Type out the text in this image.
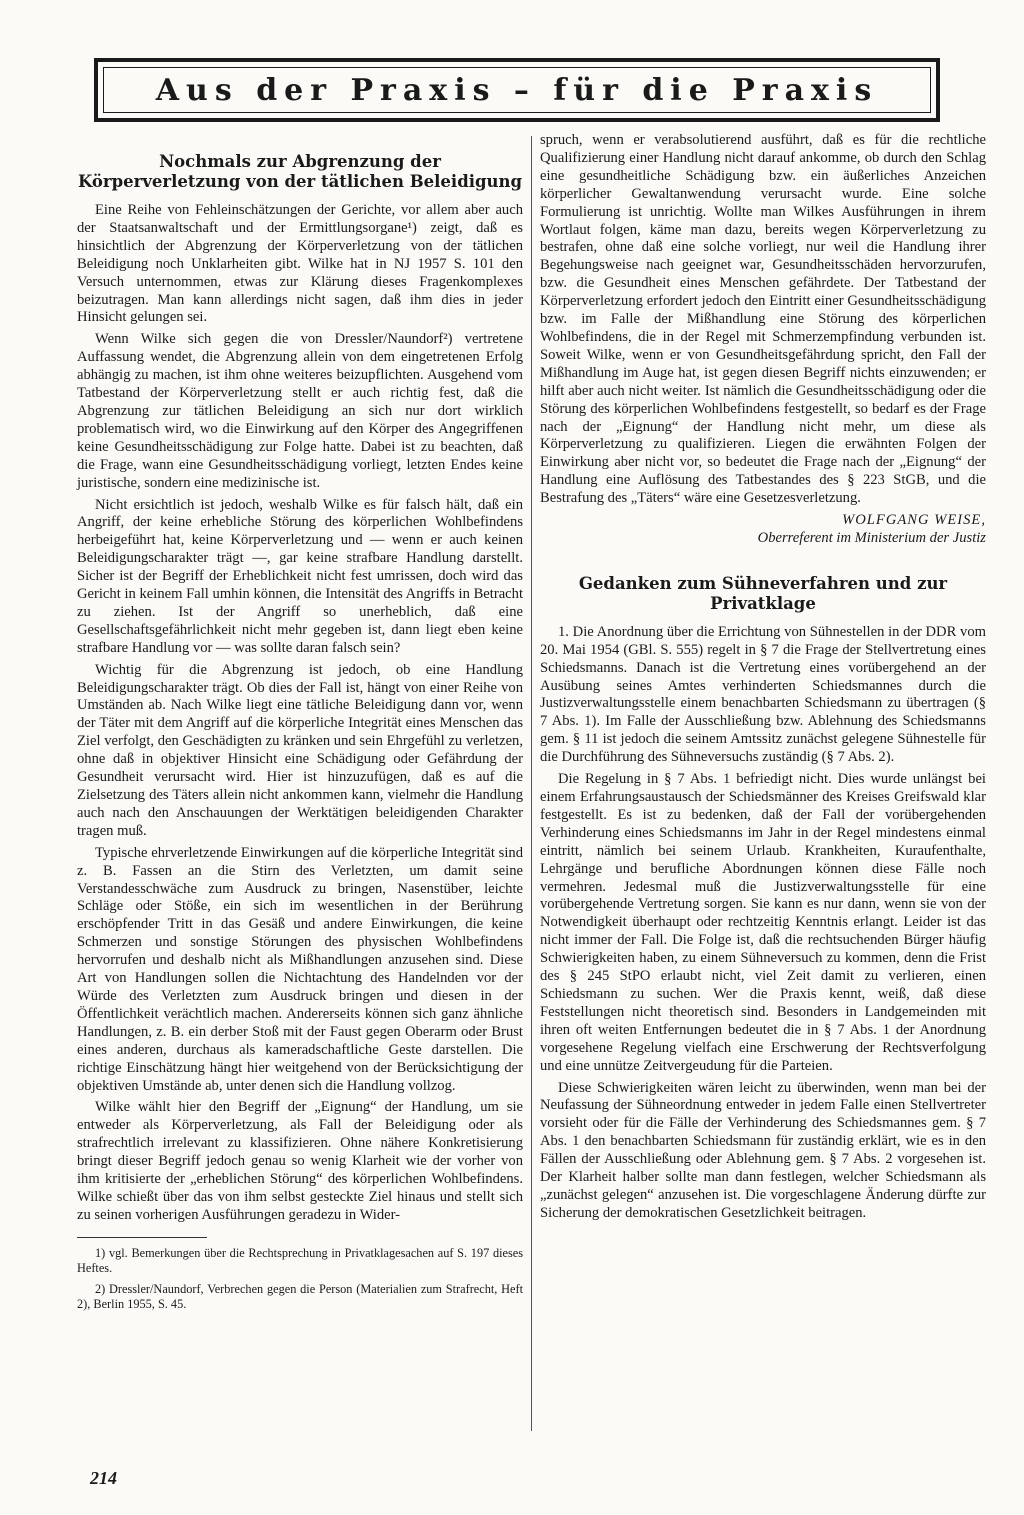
Aus der Praxis – für die Praxis
Nochmals zur Abgrenzung der Körperverletzung von der tätlichen Beleidigung

Eine Reihe von Fehleinschätzungen der Gerichte, vor allem aber auch der Staatsanwaltschaft und der Ermittlungsorgane¹) zeigt, daß es hinsichtlich der Abgrenzung der Körperverletzung von der tätlichen Beleidigung noch Unklarheiten gibt. Wilke hat in NJ 1957 S. 101 den Versuch unternommen, etwas zur Klärung dieses Fragenkomplexes beizutragen. Man kann allerdings nicht sagen, daß ihm dies in jeder Hinsicht gelungen sei.

Wenn Wilke sich gegen die von Dressler/Naundorf²) vertretene Auffassung wendet, die Abgrenzung allein von dem eingetretenen Erfolg abhängig zu machen, ist ihm ohne weiteres beizupflichten. Ausgehend vom Tatbestand der Körperverletzung stellt er auch richtig fest, daß die Abgrenzung zur tätlichen Beleidigung an sich nur dort wirklich problematisch wird, wo die Einwirkung auf den Körper des Angegriffenen keine Gesundheitsschädigung zur Folge hatte. Dabei ist zu beachten, daß die Frage, wann eine Gesundheitsschädigung vorliegt, letzten Endes keine juristische, sondern eine medizinische ist.

Nicht ersichtlich ist jedoch, weshalb Wilke es für falsch hält, daß ein Angriff, der keine erhebliche Störung des körperlichen Wohlbefindens herbeigeführt hat, keine Körperverletzung und — wenn er auch keinen Beleidigungscharakter trägt —, gar keine strafbare Handlung darstellt. Sicher ist der Begriff der Erheblichkeit nicht fest umrissen, doch wird das Gericht in keinem Fall umhin können, die Intensität des Angriffs in Betracht zu ziehen. Ist der Angriff so unerheblich, daß eine Gesellschaftsgefährlichkeit nicht mehr gegeben ist, dann liegt eben keine strafbare Handlung vor — was sollte daran falsch sein?

Wichtig für die Abgrenzung ist jedoch, ob eine Handlung Beleidigungscharakter trägt. Ob dies der Fall ist, hängt von einer Reihe von Umständen ab. Nach Wilke liegt eine tätliche Beleidigung dann vor, wenn der Täter mit dem Angriff auf die körperliche Integrität eines Menschen das Ziel verfolgt, den Geschädigten zu kränken und sein Ehrgefühl zu verletzen, ohne daß in objektiver Hinsicht eine Schädigung oder Gefährdung der Gesundheit verursacht wird. Hier ist hinzuzufügen, daß es auf die Zielsetzung des Täters allein nicht ankommen kann, vielmehr die Handlung auch nach den Anschauungen der Werktätigen beleidigenden Charakter tragen muß.

Typische ehrverletzende Einwirkungen auf die körperliche Integrität sind z. B. Fassen an die Stirn des Verletzten, um damit seine Verstandesschwäche zum Ausdruck zu bringen, Nasenstüber, leichte Schläge oder Stöße, ein sich im wesentlichen in der Berührung erschöpfender Tritt in das Gesäß und andere Einwirkungen, die keine Schmerzen und sonstige Störungen des physischen Wohlbefindens hervorrufen und deshalb nicht als Mißhandlungen anzusehen sind. Diese Art von Handlungen sollen die Nichtachtung des Handelnden vor der Würde des Verletzten zum Ausdruck bringen und diesen in der Öffentlichkeit verächtlich machen. Andererseits können sich ganz ähnliche Handlungen, z. B. ein derber Stoß mit der Faust gegen Oberarm oder Brust eines anderen, durchaus als kameradschaftliche Geste darstellen. Die richtige Einschätzung hängt hier weitgehend von der Berücksichtigung der objektiven Umstände ab, unter denen sich die Handlung vollzog.

Wilke wählt hier den Begriff der „Eignung“ der Handlung, um sie entweder als Körperverletzung, als Fall der Beleidigung oder als strafrechtlich irrelevant zu klassifizieren. Ohne nähere Konkretisierung bringt dieser Begriff jedoch genau so wenig Klarheit wie der vorher von ihm kritisierte der „erheblichen Störung“ des körperlichen Wohlbefindens. Wilke schießt über das von ihm selbst gesteckte Ziel hinaus und stellt sich zu seinen vorherigen Ausführungen geradezu in Wider-

1) vgl. Bemerkungen über die Rechtsprechung in Privatklagesachen auf S. 197 dieses Heftes.

2) Dressler/Naundorf, Verbrechen gegen die Person (Materialien zum Strafrecht, Heft 2), Berlin 1955, S. 45.

spruch, wenn er verabsolutierend ausführt, daß es für die rechtliche Qualifizierung einer Handlung nicht darauf ankomme, ob durch den Schlag eine gesundheitliche Schädigung bzw. ein äußerliches Anzeichen körperlicher Gewaltanwendung verursacht wurde. Eine solche Formulierung ist unrichtig. Wollte man Wilkes Ausführungen in ihrem Wortlaut folgen, käme man dazu, bereits wegen Körperverletzung zu bestrafen, ohne daß eine solche vorliegt, nur weil die Handlung ihrer Begehungsweise nach geeignet war, Gesundheitsschäden hervorzurufen, bzw. die Gesundheit eines Menschen gefährdete. Der Tatbestand der Körperverletzung erfordert jedoch den Eintritt einer Gesundheitsschädigung bzw. im Falle der Mißhandlung eine Störung des körperlichen Wohlbefindens, die in der Regel mit Schmerzempfindung verbunden ist. Soweit Wilke, wenn er von Gesundheitsgefährdung spricht, den Fall der Mißhandlung im Auge hat, ist gegen diesen Begriff nichts einzuwenden; er hilft aber auch nicht weiter. Ist nämlich die Gesundheitsschädigung oder die Störung des körperlichen Wohlbefindens festgestellt, so bedarf es der Frage nach der „Eignung“ der Handlung nicht mehr, um diese als Körperverletzung zu qualifizieren. Liegen die erwähnten Folgen der Einwirkung aber nicht vor, so bedeutet die Frage nach der „Eignung“ der Handlung eine Auflösung des Tatbestandes des § 223 StGB, und die Bestrafung des „Täters“ wäre eine Gesetzesverletzung.

WOLFGANG WEISE,
Oberreferent im Ministerium der Justiz
Gedanken zum Sühneverfahren und zur Privatklage

1. Die Anordnung über die Errichtung von Sühnestellen in der DDR vom 20. Mai 1954 (GBl. S. 555) regelt in § 7 die Frage der Stellvertretung eines Schiedsmanns. Danach ist die Vertretung eines vorübergehend an der Ausübung seines Amtes verhinderten Schiedsmannes durch die Justizverwaltungsstelle einem benachbarten Schiedsmann zu übertragen (§ 7 Abs. 1). Im Falle der Ausschließung bzw. Ablehnung des Schiedsmanns gem. § 11 ist jedoch die seinem Amtssitz zunächst gelegene Sühnestelle für die Durchführung des Sühneversuchs zuständig (§ 7 Abs. 2).

Die Regelung in § 7 Abs. 1 befriedigt nicht. Dies wurde unlängst bei einem Erfahrungsaustausch der Schiedsmänner des Kreises Greifswald klar festgestellt. Es ist zu bedenken, daß der Fall der vorübergehenden Verhinderung eines Schiedsmanns im Jahr in der Regel mindestens einmal eintritt, nämlich bei seinem Urlaub. Krankheiten, Kuraufenthalte, Lehrgänge und berufliche Abordnungen können diese Fälle noch vermehren. Jedesmal muß die Justizverwaltungsstelle für eine vorübergehende Vertretung sorgen. Sie kann es nur dann, wenn sie von der Notwendigkeit überhaupt oder rechtzeitig Kenntnis erlangt. Leider ist das nicht immer der Fall. Die Folge ist, daß die rechtsuchenden Bürger häufig Schwierigkeiten haben, zu einem Sühneversuch zu kommen, denn die Frist des § 245 StPO erlaubt nicht, viel Zeit damit zu verlieren, einen Schiedsmann zu suchen. Wer die Praxis kennt, weiß, daß diese Feststellungen nicht theoretisch sind. Besonders in Landgemeinden mit ihren oft weiten Entfernungen bedeutet die in § 7 Abs. 1 der Anordnung vorgesehene Regelung vielfach eine Erschwerung der Rechtsverfolgung und eine unnütze Zeitvergeudung für die Parteien.

Diese Schwierigkeiten wären leicht zu überwinden, wenn man bei der Neufassung der Sühneordnung entweder in jedem Falle einen Stellvertreter vorsieht oder für die Fälle der Verhinderung des Schiedsmannes gem. § 7 Abs. 1 den benachbarten Schiedsmann für zuständig erklärt, wie es in den Fällen der Ausschließung oder Ablehnung gem. § 7 Abs. 2 vorgesehen ist. Der Klarheit halber sollte man dann festlegen, welcher Schiedsmann als „zunächst gelegen“ anzusehen ist. Die vorgeschlagene Änderung dürfte zur Sicherung der demokratischen Gesetzlichkeit beitragen.

214
